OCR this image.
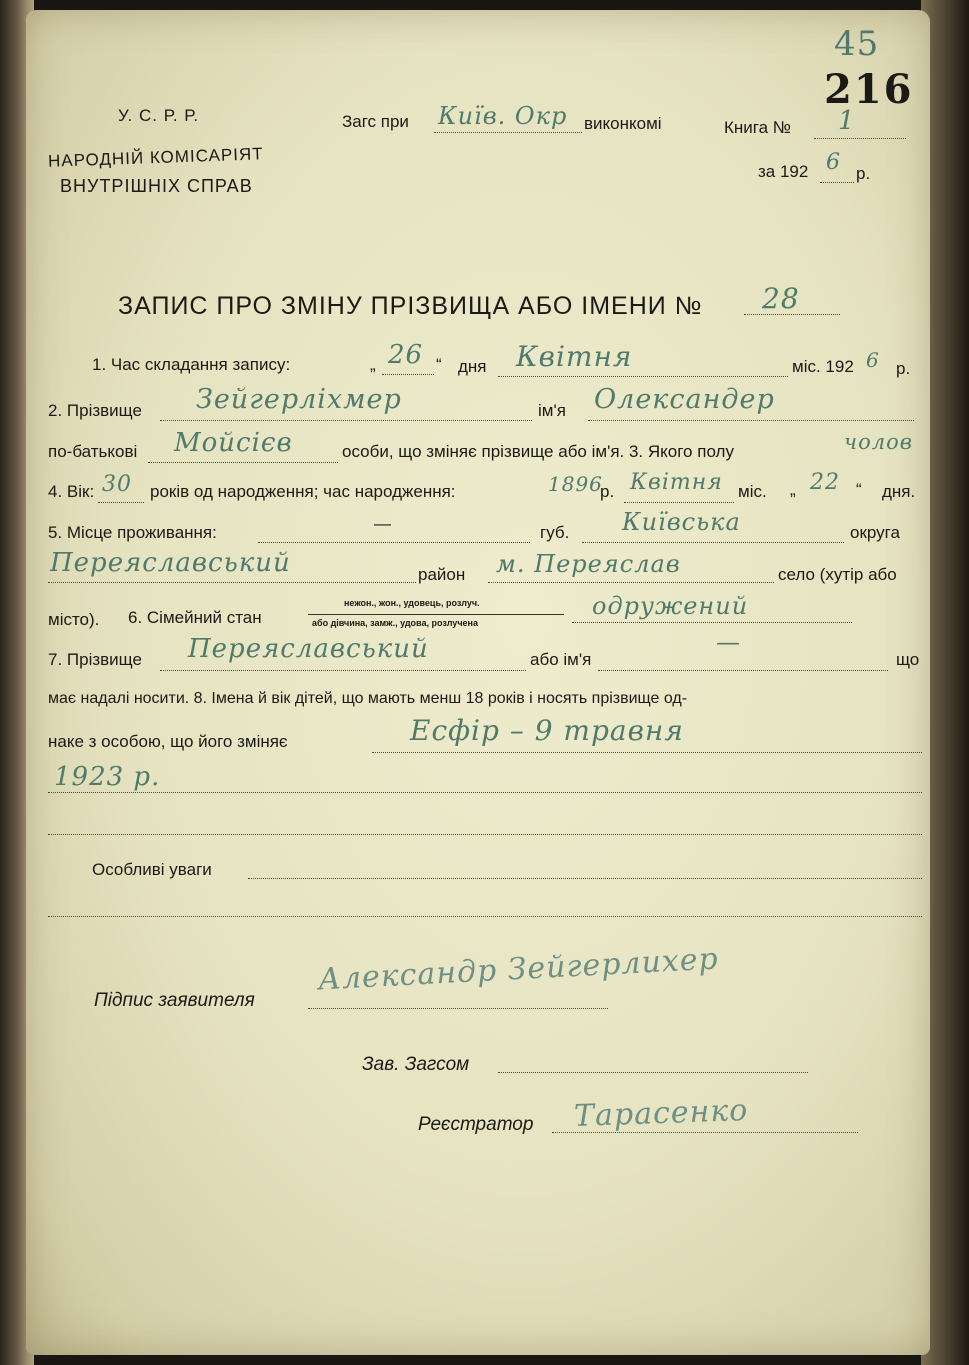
У. С. Р. Р.
НАРОДНІЙ КОМІСАРІЯТ
ВНУТРІШНІХ СПРАВ
Загс при Київ. Окр виконкомі	Книга № 1
за 192 6 р.
45
216
ЗАПИС ПРО ЗМІНУ ПРІЗВИЩА АБО ІМЕНИ № 28
1. Час складання запису:	„ 26 “ дня Квітня	міс. 192 6 р.
2. Прізвище Зейгерліхмер	ім'я Олександер
по-батькові Мойсієв	особи, що зміняє прізвище або ім'я. 3. Якого полу	чолов
4. Вік: 30 років од народження; час народження:	1896
р. Квітня міс. „ 22 “ дня.
5. Місце проживання:	—	губ. Київська	округа
Переяславський	район м. Переяслав	село (хутір або
місто). 6. Сімейний стан
нежон., жон., удовець, розлуч.
або дівчина, замж., удова, розлучена
одружений
7. Прізвище Переяславський	або ім'я
—
що
має надалі носити. 8. Імена й вік дітей, що мають менш 18 років і носять прізвище од-
наке з особою, що його зміняє	Есфір – 9 травня
1923 р.
Особливі уваги
Підпис заявителя
Александр Зейгерлихер
Зав. Загсом
Реєстратор Тарасенко
